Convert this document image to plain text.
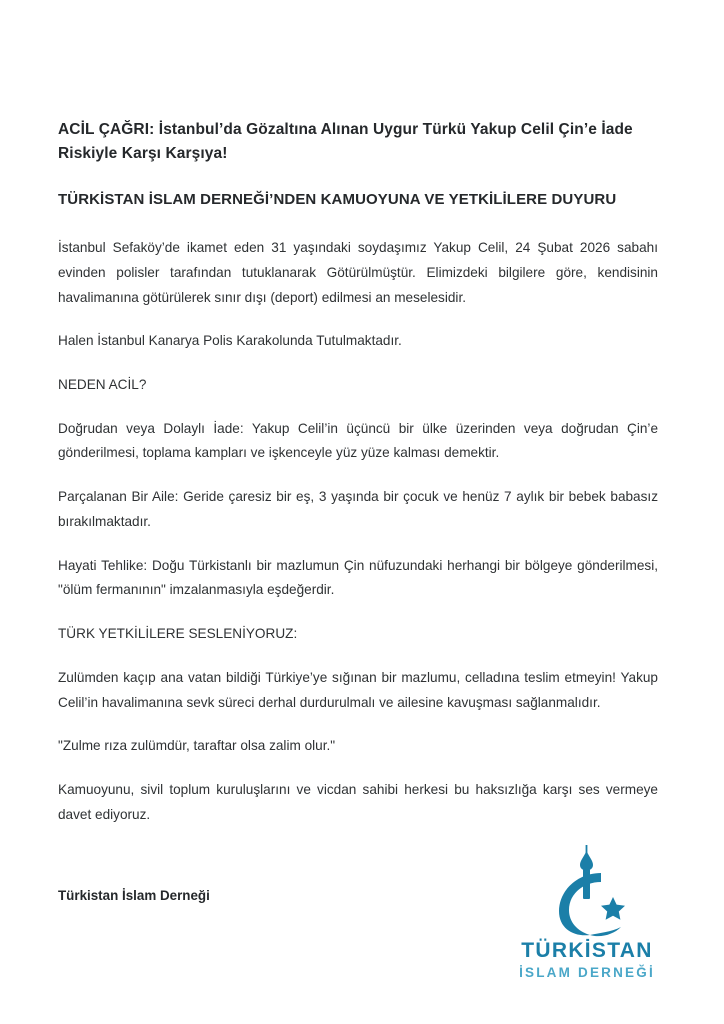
ACİL ÇAĞRI: İstanbul’da Gözaltına Alınan Uygur Türkü Yakup Celil Çin’e İade Riskiyle Karşı Karşıya!
TÜRKİSTAN İSLAM DERNEĞİ’NDEN KAMUOYUNA VE YETKİLİLERE DUYURU

İstanbul Sefaköy’de ikamet eden 31 yaşındaki soydaşımız Yakup Celil, 24 Şubat 2026 sabahı evinden polisler tarafından tutuklanarak Götürülmüştür. Elimizdeki bilgilere göre, kendisinin havalimanına götürülerek sınır dışı (deport) edilmesi an meselesidir.

Halen İstanbul Kanarya Polis Karakolunda Tutulmaktadır.

NEDEN ACİL?

Doğrudan veya Dolaylı İade: Yakup Celil’in üçüncü bir ülke üzerinden veya doğrudan Çin’e gönderilmesi, toplama kampları ve işkenceyle yüz yüze kalması demektir.

Parçalanan Bir Aile: Geride çaresiz bir eş, 3 yaşında bir çocuk ve henüz 7 aylık bir bebek babasız bırakılmaktadır.

Hayati Tehlike: Doğu Türkistanlı bir mazlumun Çin nüfuzundaki herhangi bir bölgeye gönderilmesi, "ölüm fermanının" imzalanmasıyla eşdeğerdir.

TÜRK YETKİLİLERE SESLENİYORUZ:

Zulümden kaçıp ana vatan bildiği Türkiye’ye sığınan bir mazlumu, celladına teslim etmeyin! Yakup Celil’in havalimanına sevk süreci derhal durdurulmalı ve ailesine kavuşması sağlanmalıdır.

"Zulme rıza zulümdür, taraftar olsa zalim olur."

Kamuoyunu, sivil toplum kuruluşlarını ve vicdan sahibi herkesi bu haksızlığa karşı ses vermeye davet ediyoruz.

Türkistan İslam Derneği
TÜRKİSTAN
İSLAM DERNEĞİ
